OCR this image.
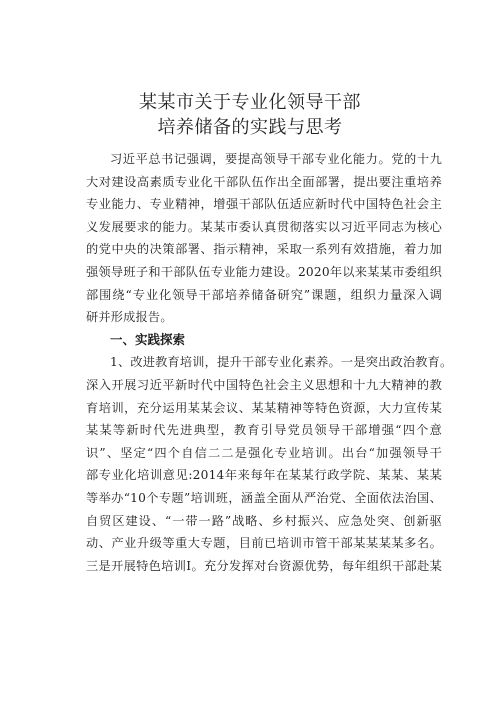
某某市关于专业化领导干部
培养储备的实践与思考
习近平总书记强调，要提高领导干部专业化能力。党的十九
大对建设高素质专业化干部队伍作出全面部署，提出要注重培养
专业能力、专业精神，增强干部队伍适应新时代中国特色社会主
义发展要求的能力。某某市委认真贯彻落实以习近平同志为核心
的党中央的决策部署、指示精神，采取一系列有效措施，着力加
强领导班子和干部队伍专业能力建设。2020年以来某某市委组织
部围绕“专业化领导干部培养储备研究”课题，组织力量深入调
研并形成报告。
一、实践探索
1、改进教育培训，提升干部专业化素养。一是突出政治教育。
深入开展习近平新时代中国特色社会主义思想和十九大精神的教
育培训，充分运用某某会议、某某精神等特色资源，大力宣传某
某某等新时代先进典型，教育引导党员领导干部增强“四个意
识”、坚定“四个自信二二是强化专业培训。出台“加强领导干
部专业化培训意见:2014年来每年在某某行政学院、某某、某某
等举办“10个专题”培训班，涵盖全面从严治党、全面依法治国、
自贸区建设、“一带一路”战略、乡村振兴、应急处突、创新驱
动、产业升级等重大专题，目前已培训市管干部某某某某多名。
三是开展特色培训I。充分发挥对台资源优势，每年组织干部赴某
